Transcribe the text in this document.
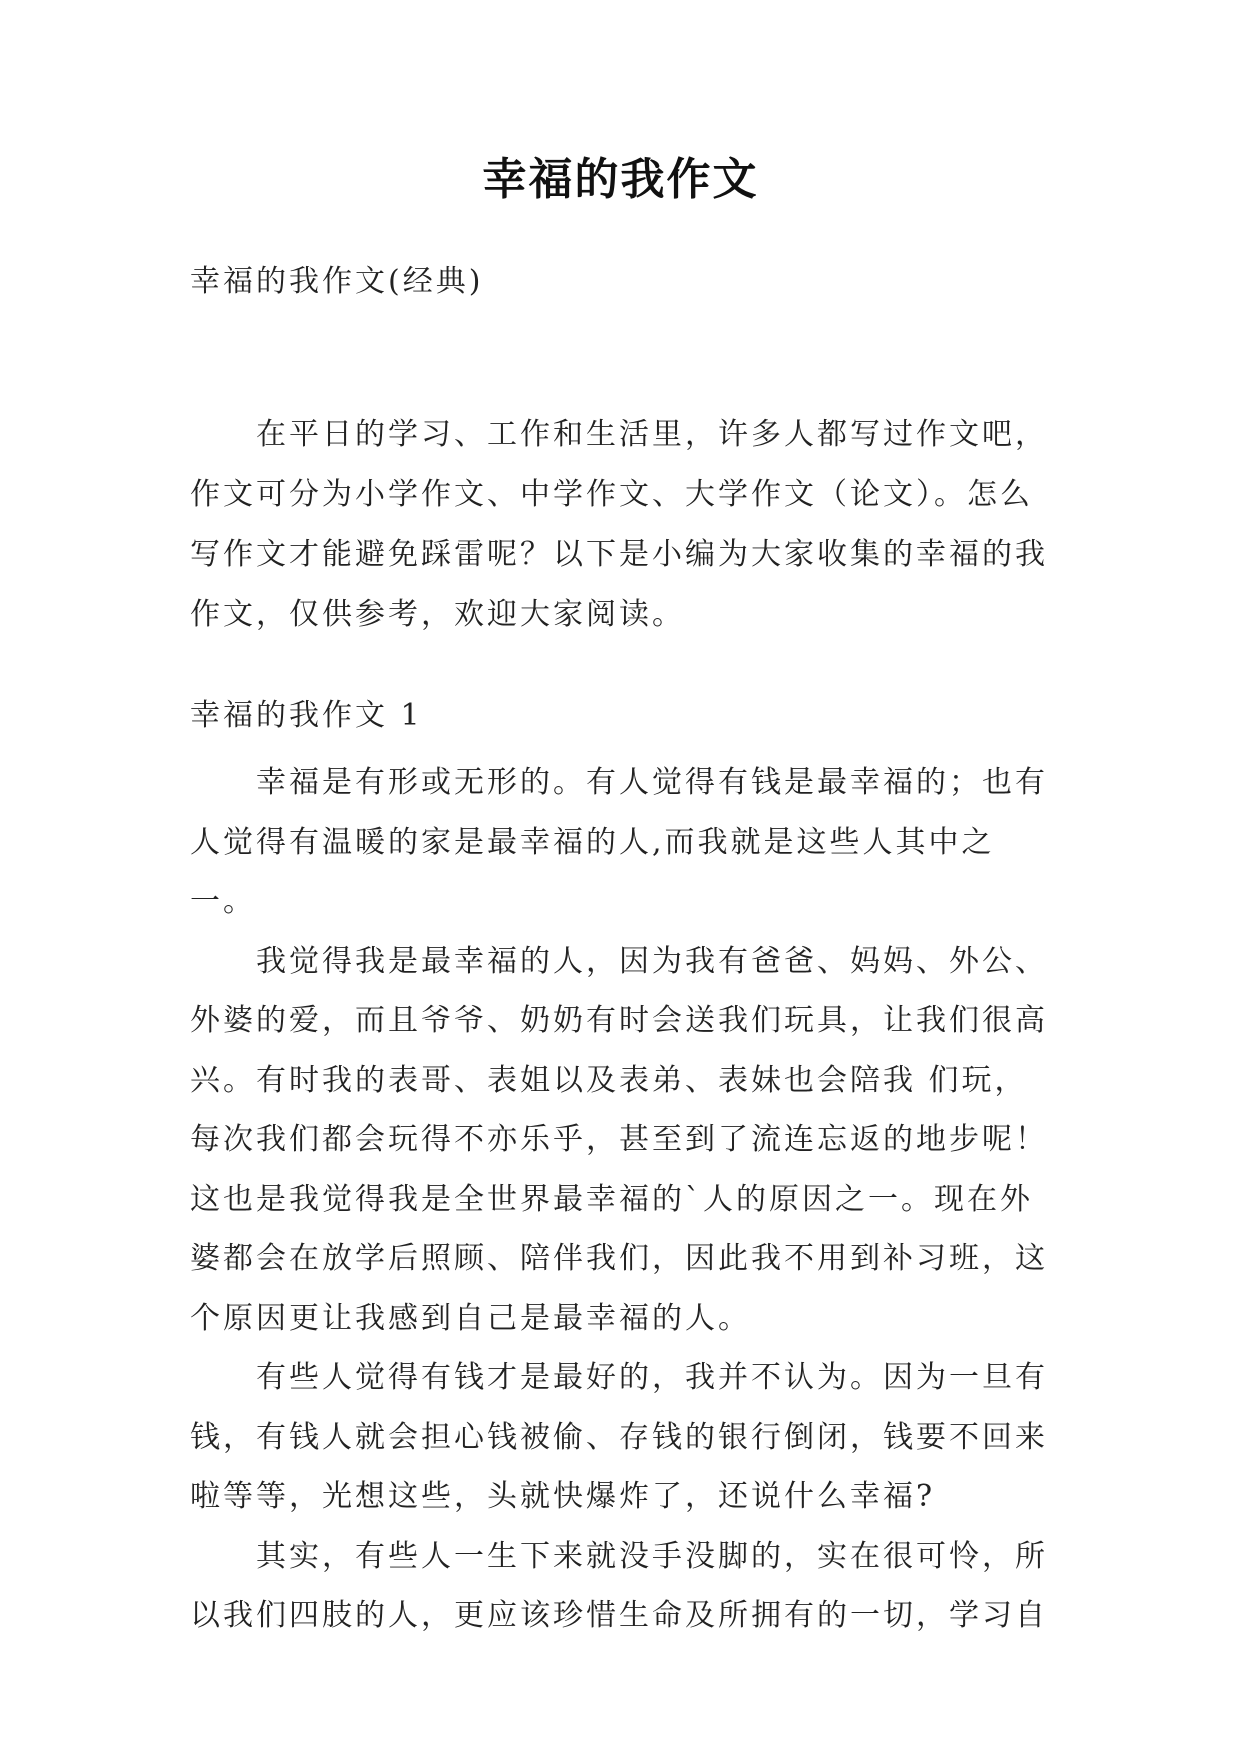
幸福的我作文
幸福的我作文(经典)

在平日的学习、工作和生活里，许多人都写过作文吧，作文可分为小学作文、中学作文、大学作文（论文）。怎么写作文才能避免踩雷呢？以下是小编为大家收集的幸福的我作文，仅供参考，欢迎大家阅读。

幸福的我作文 1

幸福是有形或无形的。有人觉得有钱是最幸福的；也有人觉得有温暖的家是最幸福的人,而我就是这些人其中之一。

我觉得我是最幸福的人，因为我有爸爸、妈妈、外公、外婆的爱，而且爷爷、奶奶有时会送我们玩具，让我们很高兴。有时我的表哥、表姐以及表弟、表妹也会陪我 们玩，每次我们都会玩得不亦乐乎，甚至到了流连忘返的地步呢！这也是我觉得我是全世界最幸福的`人的原因之一。现在外婆都会在放学后照顾、陪伴我们，因此我不用到补习班，这个原因更让我感到自己是最幸福的人。

有些人觉得有钱才是最好的，我并不认为。因为一旦有钱，有钱人就会担心钱被偷、存钱的银行倒闭，钱要不回来啦等等，光想这些，头就快爆炸了，还说什么幸福?

其实，有些人一生下来就没手没脚的，实在很可怜，所以我们四肢的人，更应该珍惜生命及所拥有的一切，学习自
